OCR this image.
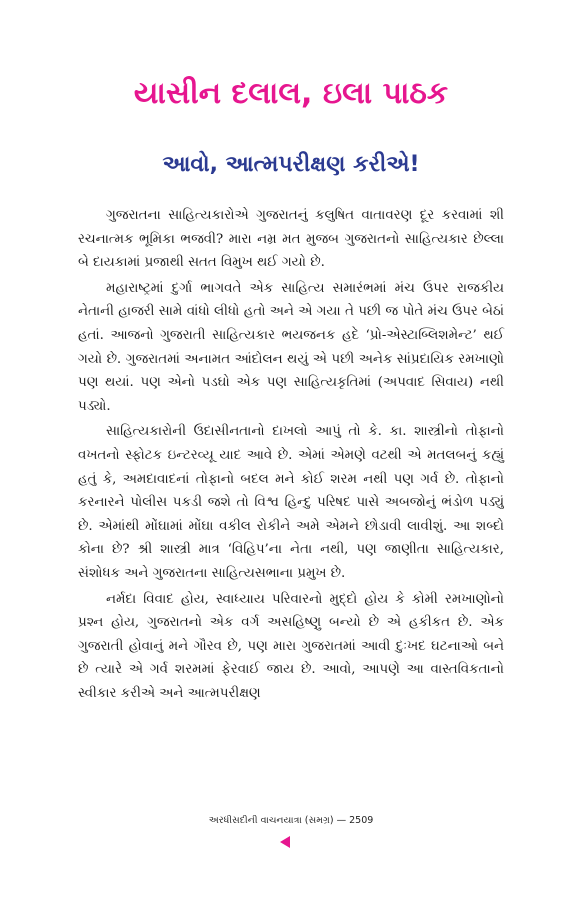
યાસીન દલાલ, ઇલા પાઠક
આવો, આત્મપરીક્ષણ કરીએ!

ગુજરાતના સાહિત્યકારોએ ગુજરાતનું કલુષિત વાતાવરણ દૂર કરવામાં શી રચનાત્મક ભૂમિકા ભજવી? મારા નમ્ર મત મુજબ ગુજરાતનો સાહિત્યકાર છેલ્લા બે દાયકામાં પ્રજાથી સતત વિમુખ થઈ ગયો છે.

મહારાષ્ટ્રમાં દુર્ગા ભાગવતે એક સાહિત્ય સમારંભમાં મંચ ઉપર રાજકીય નેતાની હાજરી સામે વાંધો લીધો હતો અને એ ગયા તે પછી જ પોતે મંચ ઉપર બેઠાં હતાં. આજનો ગુજરાતી સાહિત્યકાર ભયજનક હદે ‘પ્રો-એસ્ટાબ્લિશમેન્ટ’ થઈ ગયો છે. ગુજરાતમાં અનામત આંદોલન થયું એ પછી અનેક સાંપ્રદાયિક રમખાણો પણ થયાં. પણ એનો પડઘો એક પણ સાહિત્યકૃતિમાં (અપવાદ સિવાય) નથી પડ્યો.

સાહિત્યકારોની ઉદાસીનતાનો દાખલો આપું તો કે. કા. શાસ્ત્રીનો તોફાનો વખતનો સ્ફોટક ઇન્ટરવ્યૂ યાદ આવે છે. એમાં એમણે વટથી એ મતલબનું કહ્યું હતું કે, અમદાવાદનાં તોફાનો બદલ મને કોઈ શરમ નથી પણ ગર્વ છે. તોફાનો કરનારને પોલીસ પકડી જશે તો વિશ્વ હિન્દુ પરિષદ પાસે અબજોનું ભંડોળ પડ્યું છે. એમાંથી મોંઘામાં મોંઘા વકીલ રોકીને અમે એમને છોડાવી લાવીશું. આ શબ્દો કોના છે? શ્રી શાસ્ત્રી માત્ર ‘વિહિપ’ના નેતા નથી, પણ જાણીતા સાહિત્યકાર, સંશોધક અને ગુજરાતના સાહિત્યસભાના પ્રમુખ છે.

નર્મદા વિવાદ હોય, સ્વાધ્યાય પરિવારનો મુદ્દો હોય કે કોમી રમખાણોનો પ્રશ્ન હોય, ગુજરાતનો એક વર્ગ અસહિષ્ણુ બન્યો છે એ હકીકત છે. એક ગુજરાતી હોવાનું મને ગૌરવ છે, પણ મારા ગુજરાતમાં આવી દુઃખદ ઘટનાઓ બને છે ત્યારે એ ગર્વ શરમમાં ફેરવાઈ જાય છે. આવો, આપણે આ વાસ્તવિકતાનો સ્વીકાર કરીએ અને આત્મપરીક્ષણ

અરધીસદીની વાચનયાત્રા (સમગ્ર) — 2509
